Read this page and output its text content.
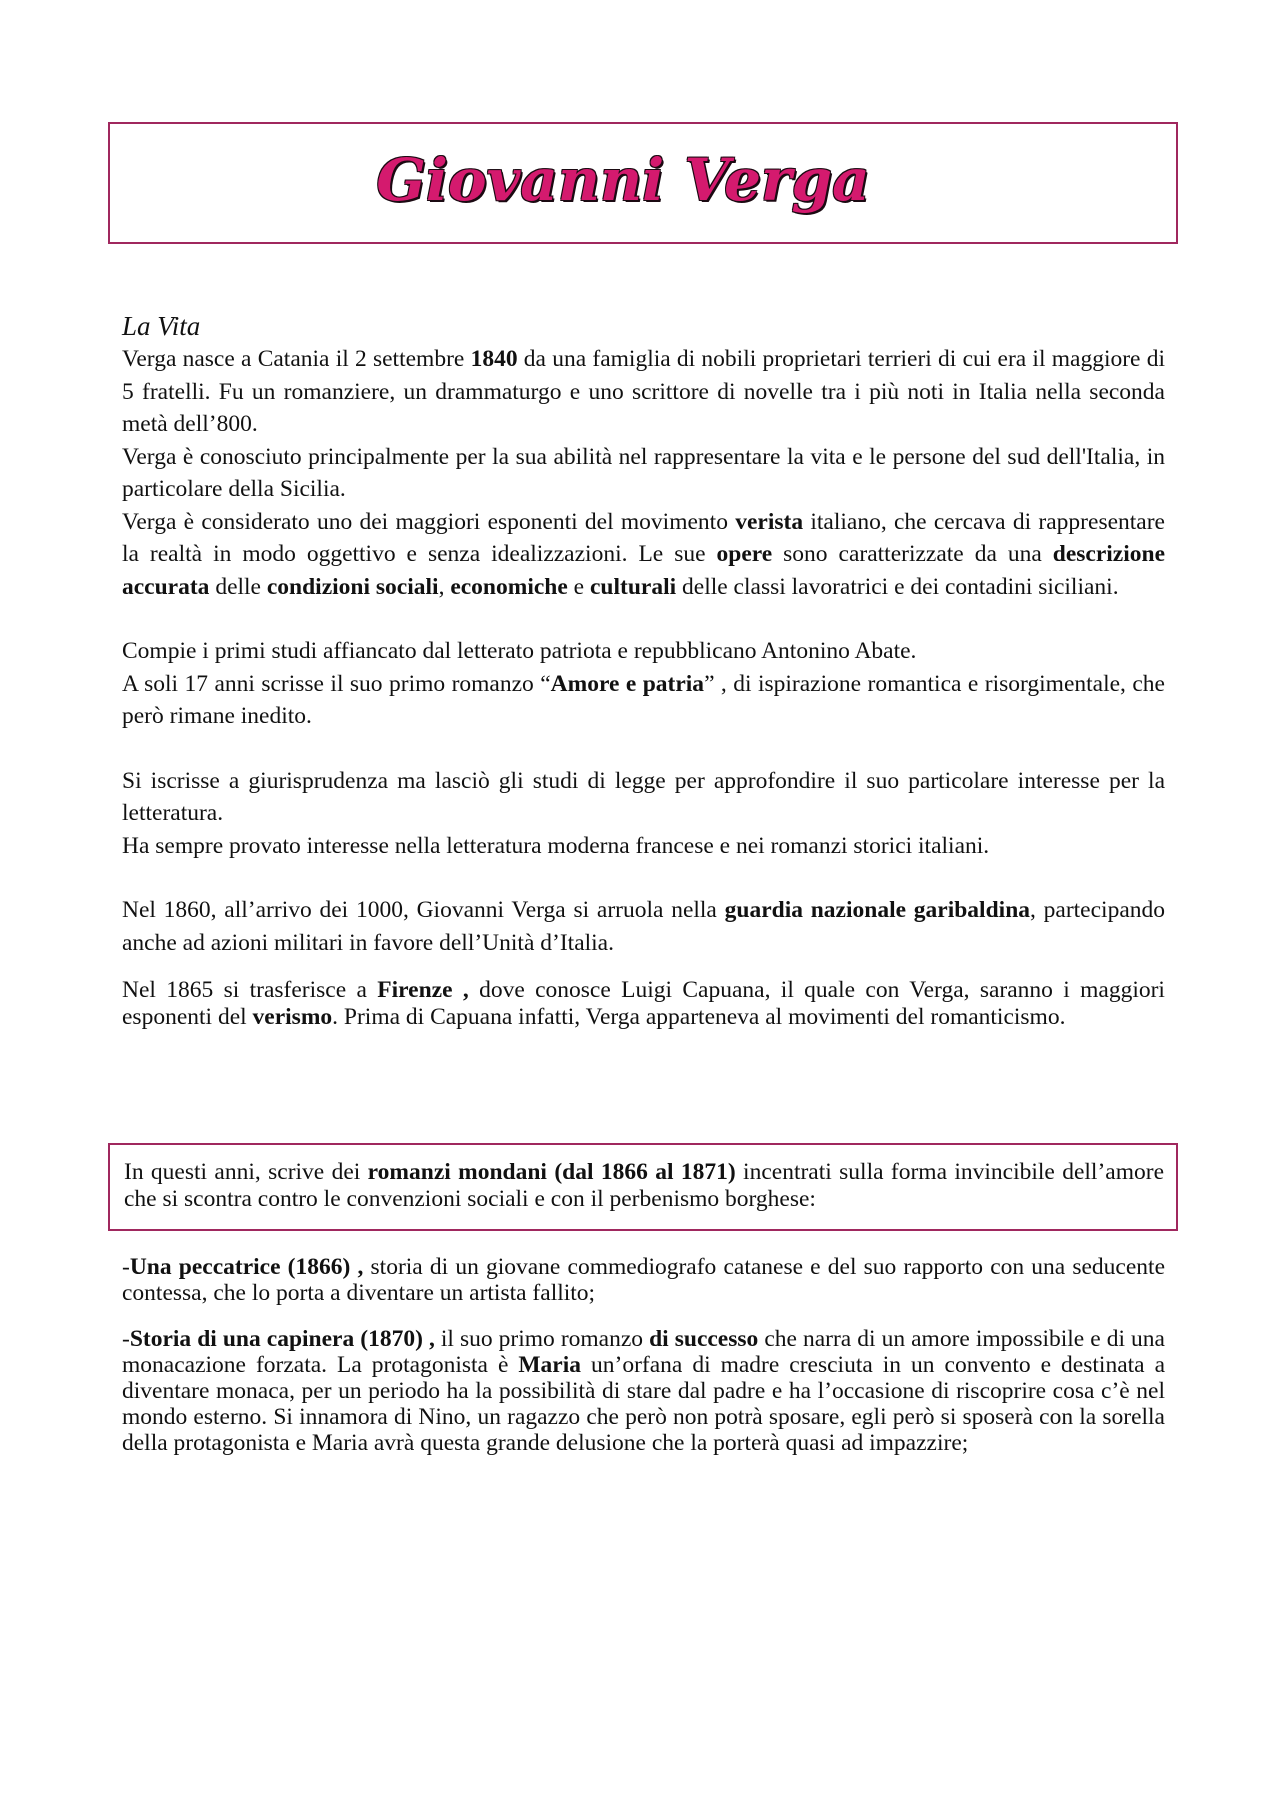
Giovanni Verga
La Vita

Verga nasce a Catania il 2 settembre 1840 da una famiglia di nobili proprietari terrieri di cui era il maggiore di 5 fratelli. Fu un romanziere, un drammaturgo e uno scrittore di novelle tra i più noti in Italia nella seconda metà dell’800.

Verga è conosciuto principalmente per la sua abilità nel rappresentare la vita e le persone del sud dell'Italia, in particolare della Sicilia.

Verga è considerato uno dei maggiori esponenti del movimento verista italiano, che cercava di rappresentare la realtà in modo oggettivo e senza idealizzazioni. Le sue opere sono caratterizzate da una descrizione accurata delle condizioni sociali, economiche e culturali delle classi lavoratrici e dei contadini siciliani.

Compie i primi studi affiancato dal letterato patriota e repubblicano Antonino Abate.

A soli 17 anni scrisse il suo primo romanzo “Amore e patria” , di ispirazione romantica e risorgimentale, che però rimane inedito.

Si iscrisse a giurisprudenza ma lasciò gli studi di legge per approfondire il suo particolare interesse per la letteratura.

Ha sempre provato interesse nella letteratura moderna francese e nei romanzi storici italiani.

Nel 1860, all’arrivo dei 1000, Giovanni Verga si arruola nella guardia nazionale garibaldina, partecipando anche ad azioni militari in favore dell’Unità d’Italia.

Nel 1865 si trasferisce a Firenze , dove conosce Luigi Capuana, il quale con Verga, saranno i maggiori esponenti del verismo. Prima di Capuana infatti, Verga apparteneva al movimenti del romanticismo.

In questi anni, scrive dei romanzi mondani (dal 1866 al 1871) incentrati sulla forma invincibile dell’amore che si scontra contro le convenzioni sociali e con il perbenismo borghese:

-Una peccatrice (1866) , storia di un giovane commediografo catanese e del suo rapporto con una seducente contessa, che lo porta a diventare un artista fallito;

-Storia di una capinera (1870) , il suo primo romanzo di successo che narra di un amore impossibile e di una monacazione forzata. La protagonista è Maria un’orfana di madre cresciuta in un convento e destinata a diventare monaca, per un periodo ha la possibilità di stare dal padre e ha l’occasione di riscoprire cosa c’è nel mondo esterno. Si innamora di Nino, un ragazzo che però non potrà sposare, egli però si sposerà con la sorella della protagonista e Maria avrà questa grande delusione che la porterà quasi ad impazzire;
